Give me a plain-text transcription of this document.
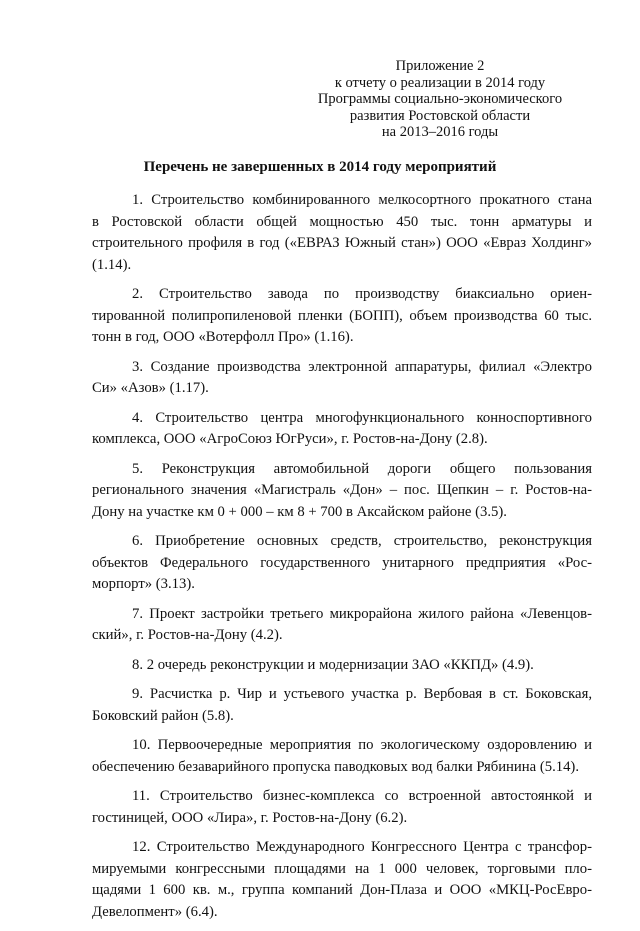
Приложение 2
к отчету о реализации в 2014 году
Программы социально-экономического
развития Ростовской области
на 2013–2016 годы
Перечень не завершенных в 2014 году мероприятий
1. Строительство комбинированного мелкосортного прокатного стана
в Ростовской области общей мощностью 450 тыс. тонн арматуры и
строительного профиля в год («ЕВРАЗ Южный стан») ООО «Евраз Холдинг»
(1.14).
2. Строительство завода по производству биаксиально ориен-
тированной полипропиленовой пленки (БОПП), объем производства 60 тыс.
тонн в год, ООО «Вотерфолл Про» (1.16).
3. Создание производства электронной аппаратуры, филиал «Электро
Си» «Азов» (1.17).
4. Строительство центра многофункционального конноспортивного
комплекса, ООО «АгроСоюз ЮгРуси», г. Ростов-на-Дону (2.8).
5. Реконструкция автомобильной дороги общего пользования
регионального значения «Магистраль «Дон» – пос. Щепкин – г. Ростов-на-
Дону на участке км 0 + 000 – км 8 + 700 в Аксайском районе (3.5).
6. Приобретение основных средств, строительство, реконструкция
объектов Федерального государственного унитарного предприятия «Рос-
морпорт» (3.13).
7. Проект застройки третьего микрорайона жилого района «Левенцов-
ский», г. Ростов-на-Дону (4.2).
8. 2 очередь реконструкции и модернизации ЗАО «ККПД» (4.9).
9. Расчистка р. Чир и устьевого участка р. Вербовая в ст. Боковская,
Боковский район (5.8).
10. Первоочередные мероприятия по экологическому оздоровлению и
обеспечению безаварийного пропуска паводковых вод балки Рябинина (5.14).
11. Строительство бизнес-комплекса со встроенной автостоянкой и
гостиницей, ООО «Лира», г. Ростов-на-Дону (6.2).
12. Строительство Международного Конгрессного Центра с трансфор-
мируемыми конгрессными площадями на 1 000 человек, торговыми пло-
щадями 1 600 кв. м., группа компаний Дон-Плаза и ООО «МКЦ-РосЕвро-
Девелопмент» (6.4).
